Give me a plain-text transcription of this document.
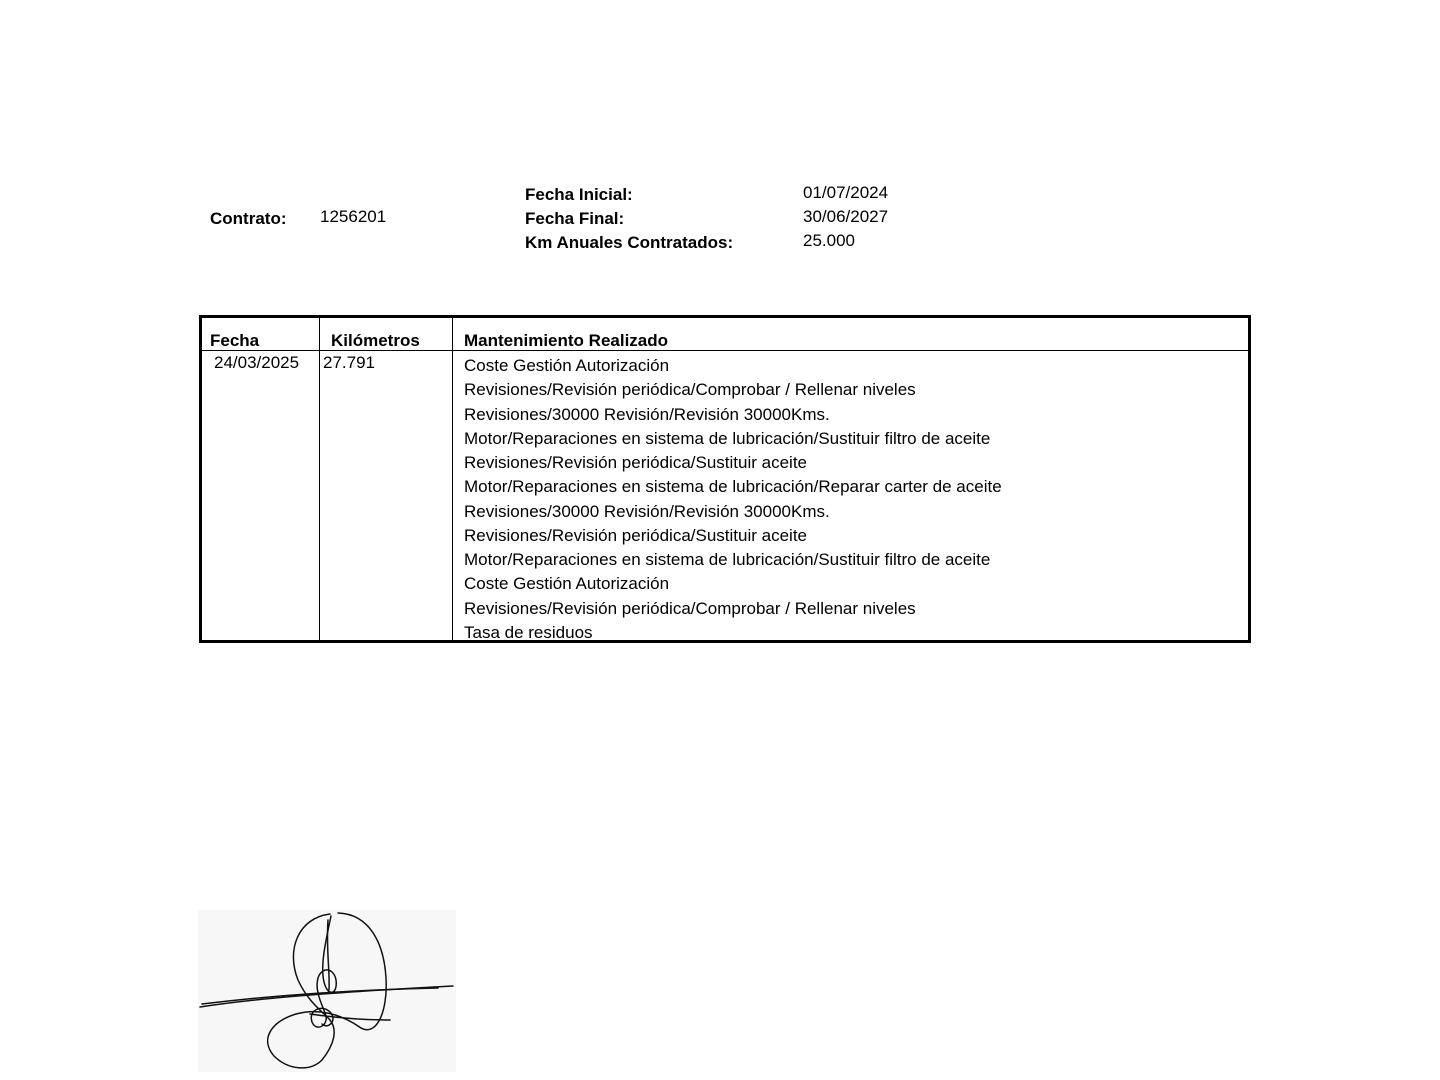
Contrato: 1256201
Fecha Inicial:	01/07/2024
Fecha Final:	30/06/2027
Km Anuales Contratados:	25.000
Fecha	Kilómetros	Mantenimiento Realizado
24/03/2025 27.791	Coste Gestión Autorización
Revisiones/Revisión periódica/Comprobar / Rellenar niveles
Revisiones/30000 Revisión/Revisión 30000Kms.
Motor/Reparaciones en sistema de lubricación/Sustituir filtro de aceite
Revisiones/Revisión periódica/Sustituir aceite
Motor/Reparaciones en sistema de lubricación/Reparar carter de aceite
Revisiones/30000 Revisión/Revisión 30000Kms.
Revisiones/Revisión periódica/Sustituir aceite
Motor/Reparaciones en sistema de lubricación/Sustituir filtro de aceite
Coste Gestión Autorización
Revisiones/Revisión periódica/Comprobar / Rellenar niveles
Tasa de residuos
